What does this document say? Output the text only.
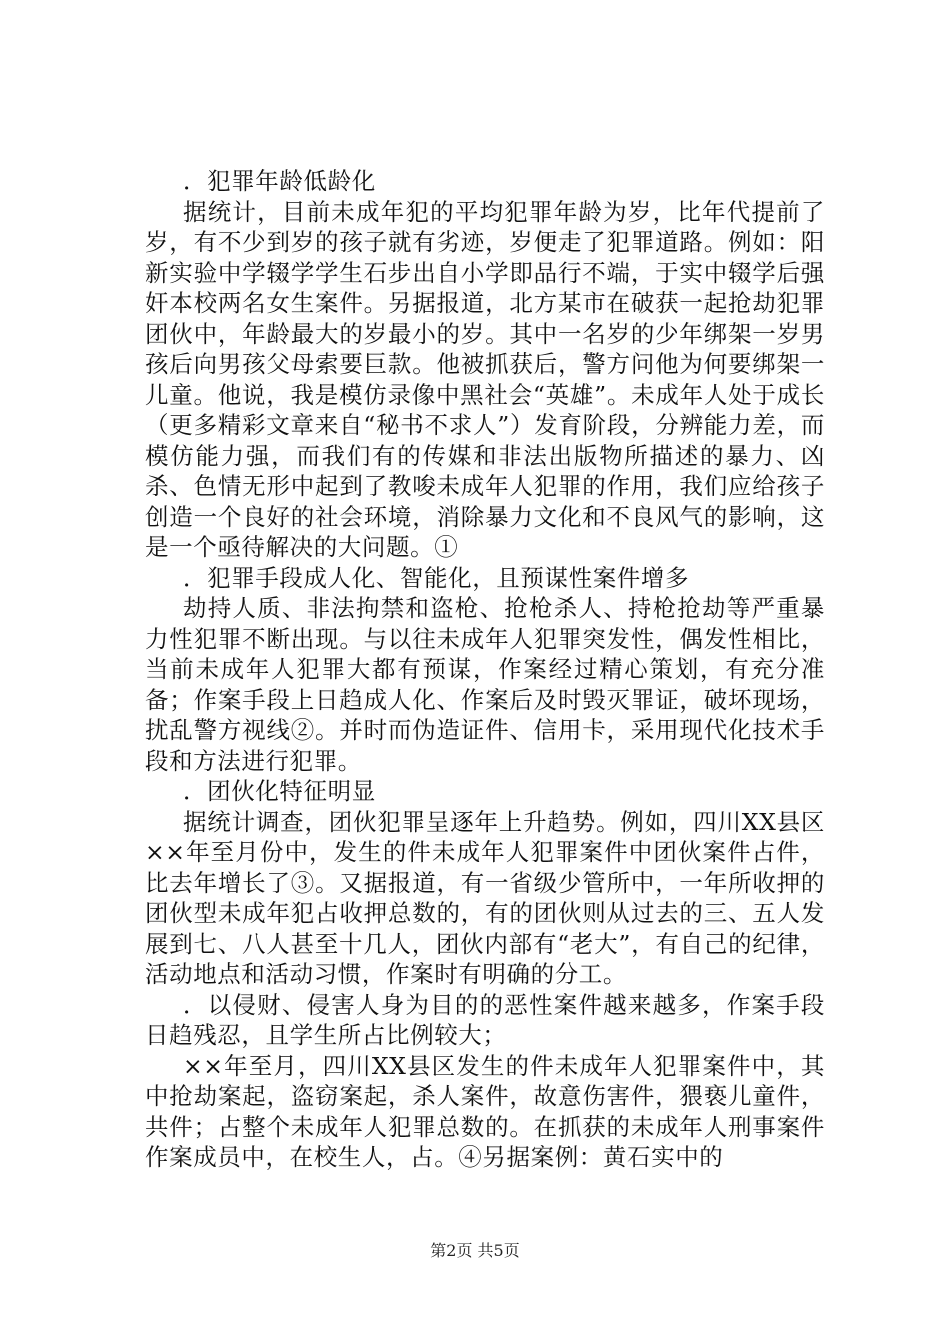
．犯罪年龄低龄化

据统计，目前未成年犯的平均犯罪年龄为岁，比年代提前了岁，有不少到岁的孩子就有劣迹，岁便走了犯罪道路。例如：阳新实验中学辍学学生石步出自小学即品行不端，于实中辍学后强奸本校两名女生案件。另据报道，北方某市在破获一起抢劫犯罪团伙中，年龄最大的岁最小的岁。其中一名岁的少年绑架一岁男孩后向男孩父母索要巨款。他被抓获后，警方问他为何要绑架一儿童。他说，我是模仿录像中黑社会“英雄”。未成年人处于成长（更多精彩文章来自“秘书不求人”）发育阶段，分辨能力差，而模仿能力强，而我们有的传媒和非法出版物所描述的暴力、凶杀、色情无形中起到了教唆未成年人犯罪的作用，我们应给孩子创造一个良好的社会环境，消除暴力文化和不良风气的影响，这是一个亟待解决的大问题。①

．犯罪手段成人化、智能化，且预谋性案件增多

劫持人质、非法拘禁和盗枪、抢枪杀人、持枪抢劫等严重暴力性犯罪不断出现。与以往未成年人犯罪突发性，偶发性相比，当前未成年人犯罪大都有预谋，作案经过精心策划，有充分准备；作案手段上日趋成人化、作案后及时毁灭罪证，破坏现场，扰乱警方视线②。并时而伪造证件、信用卡，采用现代化技术手段和方法进行犯罪。

．团伙化特征明显

据统计调查，团伙犯罪呈逐年上升趋势。例如，四川XX县区××年至月份中，发生的件未成年人犯罪案件中团伙案件占件，比去年增长了③。又据报道，有一省级少管所中，一年所收押的团伙型未成年犯占收押总数的，有的团伙则从过去的三、五人发展到七、八人甚至十几人，团伙内部有“老大”，有自己的纪律，活动地点和活动习惯，作案时有明确的分工。

．以侵财、侵害人身为目的的恶性案件越来越多，作案手段日趋残忍，且学生所占比例较大；

××年至月，四川XX县区发生的件未成年人犯罪案件中，其中抢劫案起，盗窃案起，杀人案件，故意伤害件，猥亵儿童件，共件；占整个未成年人犯罪总数的。在抓获的未成年人刑事案件作案成员中，在校生人，占。④另据案例：黄石实中的

第2页 共5页
